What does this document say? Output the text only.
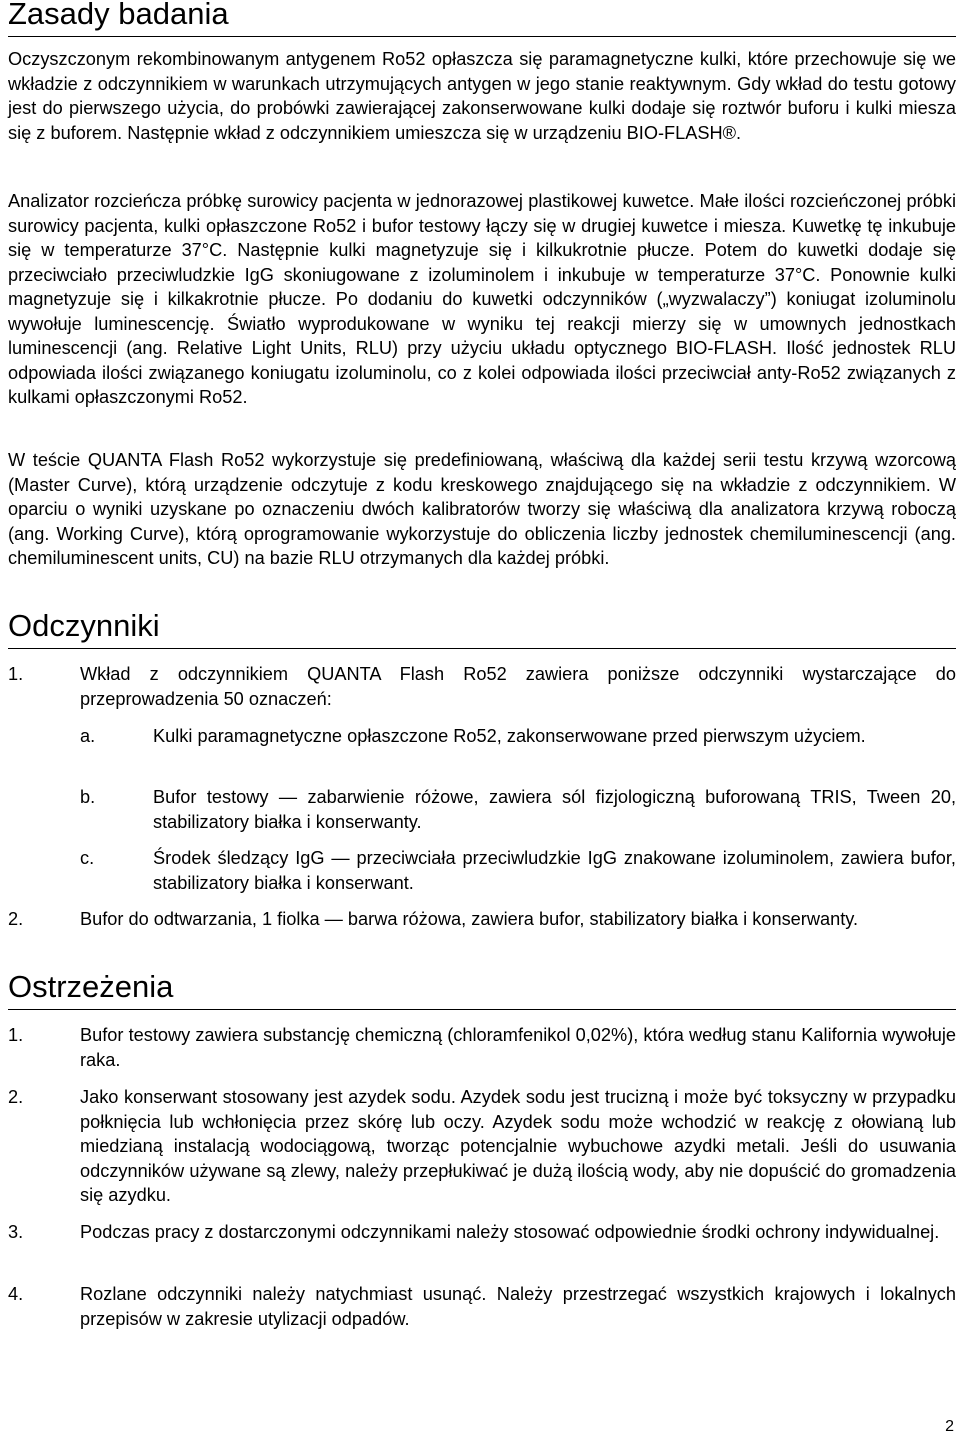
Zasady badania

Oczyszczonym rekombinowanym antygenem Ro52 opłaszcza się paramagnetyczne kulki, które przechowuje się we wkładzie z odczynnikiem w warunkach utrzymujących antygen w jego stanie reaktywnym. Gdy wkład do testu gotowy jest do pierwszego użycia, do probówki zawierającej zakonserwowane kulki dodaje się roztwór buforu i kulki miesza się z buforem. Następnie wkład z odczynnikiem umieszcza się w urządzeniu BIO-FLASH®.

Analizator rozcieńcza próbkę surowicy pacjenta w jednorazowej plastikowej kuwetce. Małe ilości rozcieńczonej próbki surowicy pacjenta, kulki opłaszczone Ro52 i bufor testowy łączy się w drugiej kuwetce i miesza. Kuwetkę tę inkubuje się w temperaturze 37°C. Następnie kulki magnetyzuje się i kilkukrotnie płucze. Potem do kuwetki dodaje się przeciwciało przeciwludzkie IgG skoniugowane z izoluminolem i inkubuje w temperaturze 37°C. Ponownie kulki magnetyzuje się i kilkakrotnie płucze. Po dodaniu do kuwetki odczynników („wyzwalaczy”) koniugat izoluminolu wywołuje luminescencję. Światło wyprodukowane w wyniku tej reakcji mierzy się w umownych jednostkach luminescencji (ang. Relative Light Units, RLU) przy użyciu układu optycznego BIO-FLASH. Ilość jednostek RLU odpowiada ilości związanego koniugatu izoluminolu, co z kolei odpowiada ilości przeciwciał anty-Ro52 związanych z kulkami opłaszczonymi Ro52.

W teście QUANTA Flash Ro52 wykorzystuje się predefiniowaną, właściwą dla każdej serii testu krzywą wzorcową (Master Curve), którą urządzenie odczytuje z kodu kreskowego znajdującego się na wkładzie z odczynnikiem. W oparciu o wyniki uzyskane po oznaczeniu dwóch kalibratorów tworzy się właściwą dla analizatora krzywą roboczą (ang. Working Curve), którą oprogramowanie wykorzystuje do obliczenia liczby jednostek chemiluminescencji (ang. chemiluminescent units, CU) na bazie RLU otrzymanych dla każdej próbki.

Odczynniki
1.	Wkład z odczynnikiem QUANTA Flash Ro52 zawiera poniższe odczynniki wystarczające do przeprowadzenia 50 oznaczeń:
a.	Kulki paramagnetyczne opłaszczone Ro52, zakonserwowane przed pierwszym użyciem.
b.	Bufor testowy — zabarwienie różowe, zawiera sól fizjologiczną buforowaną TRIS, Tween 20, stabilizatory białka i konserwanty.
c.	Środek śledzący IgG — przeciwciała przeciwludzkie IgG znakowane izoluminolem, zawiera bufor, stabilizatory białka i konserwant.
2.	Bufor do odtwarzania, 1 fiolka — barwa różowa, zawiera bufor, stabilizatory białka i konserwanty.
Ostrzeżenia
1.	Bufor testowy zawiera substancję chemiczną (chloramfenikol 0,02%), która według stanu Kalifornia wywołuje raka.
2.	Jako konserwant stosowany jest azydek sodu. Azydek sodu jest trucizną i może być toksyczny w przypadku połknięcia lub wchłonięcia przez skórę lub oczy. Azydek sodu może wchodzić w reakcję z ołowianą lub miedzianą instalacją wodociągową, tworząc potencjalnie wybuchowe azydki metali. Jeśli do usuwania odczynników używane są zlewy, należy przepłukiwać je dużą ilością wody, aby nie dopuścić do gromadzenia się azydku.
3.	Podczas pracy z dostarczonymi odczynnikami należy stosować odpowiednie środki ochrony indywidualnej.
4.	Rozlane odczynniki należy natychmiast usunąć. Należy przestrzegać wszystkich krajowych i lokalnych przepisów w zakresie utylizacji odpadów.
2
